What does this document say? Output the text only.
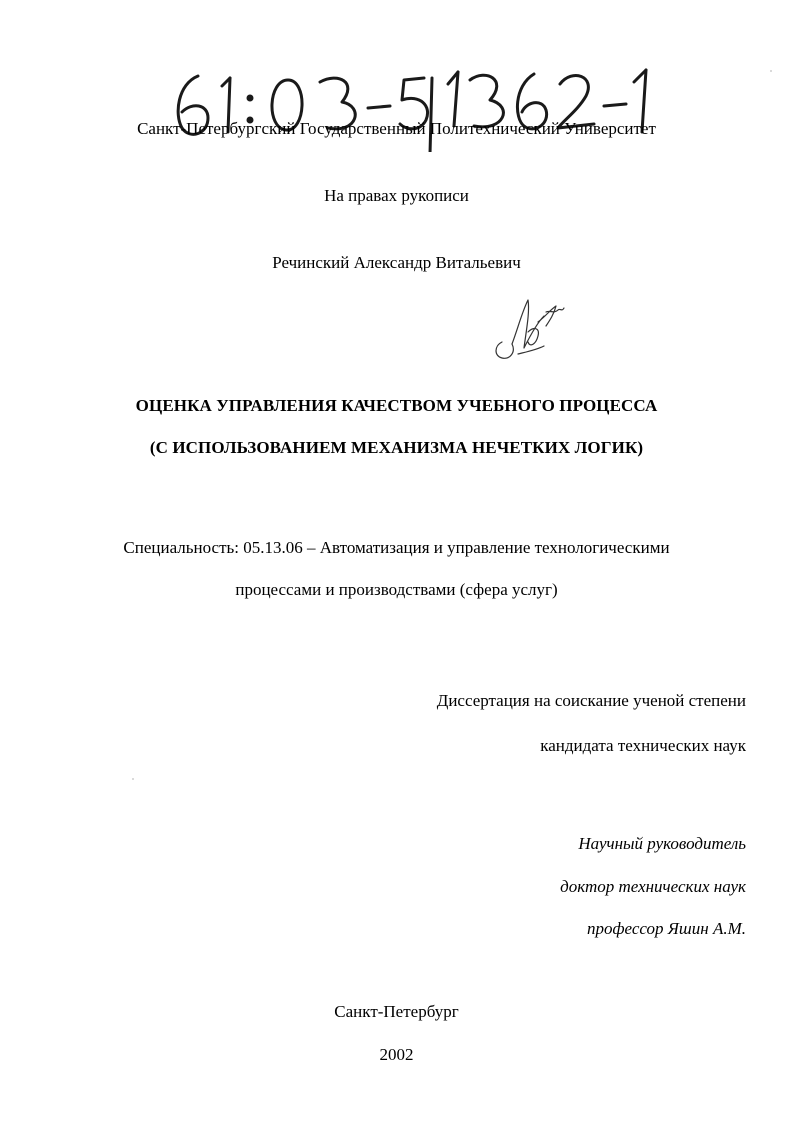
Санкт-Петербургский Государственный Политехнический Университет
На правах рукописи
Речинский Александр Витальевич
ОЦЕНКА УПРАВЛЕНИЯ КАЧЕСТВОМ УЧЕБНОГО ПРОЦЕССА
(С ИСПОЛЬЗОВАНИЕМ МЕХАНИЗМА НЕЧЕТКИХ ЛОГИК)
Специальность: 05.13.06 – Автоматизация и управление технологическими
процессами и производствами (сфера услуг)
Диссертация на соискание ученой степени
кандидата технических наук
Научный руководитель
доктор технических наук
профессор Яшин А.М.
Санкт-Петербург
2002
